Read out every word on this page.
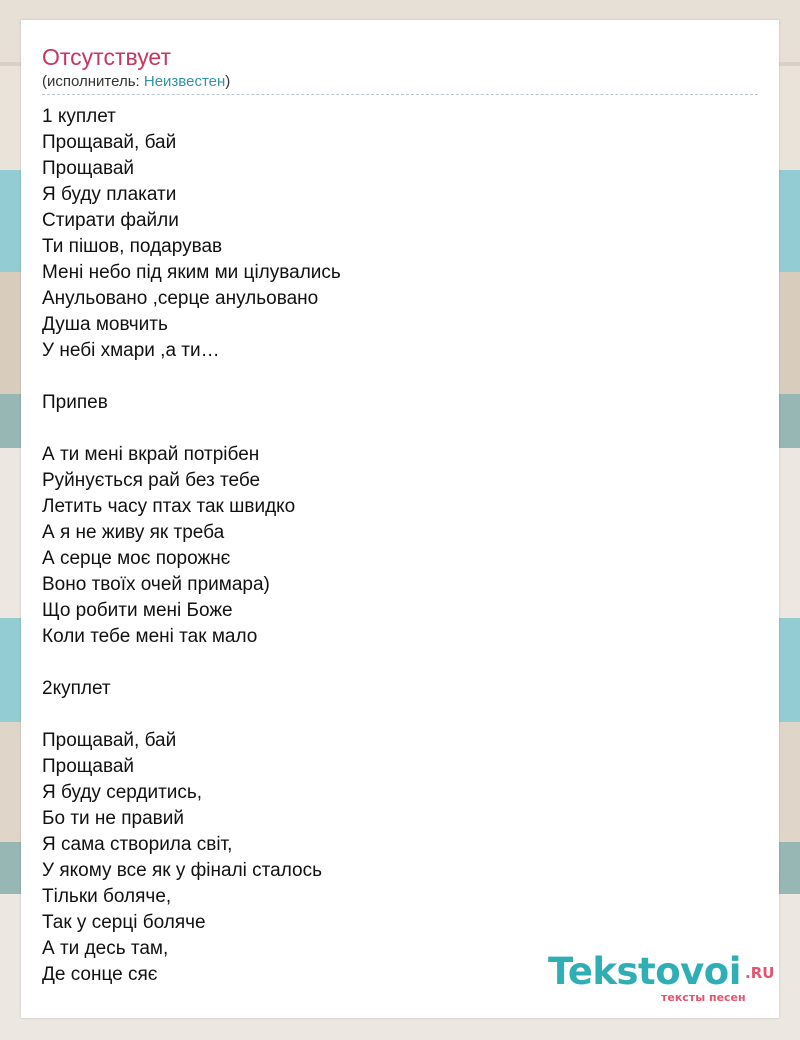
Отсутствует
(исполнитель: Неизвестен)
1 куплет
Прощавай, бай
Прощавай
Я буду плакати
Стирати файли
Ти пішов, подарував
Мені небо під яким ми цілувались
Анульовано ,серце анульовано
Душа мовчить
У небі хмари ,а ти…
Припев
А ти мені вкрай потрібен
Руйнується рай без тебе
Летить часу птах так швидко
А я не живу як треба
А серце моє порожнє
Воно твоїх очей примара)
Що робити мені Боже
Коли тебе мені так мало
2куплет
Прощавай, бай
Прощавай
Я буду сердитись,
Бо ти не правий
Я сама створила світ,
У якому все як у фіналі сталось
Тільки боляче,
Так у серці боляче
А ти десь там,
Де сонце сяє	Tekstovoi .RU
тексты песен
